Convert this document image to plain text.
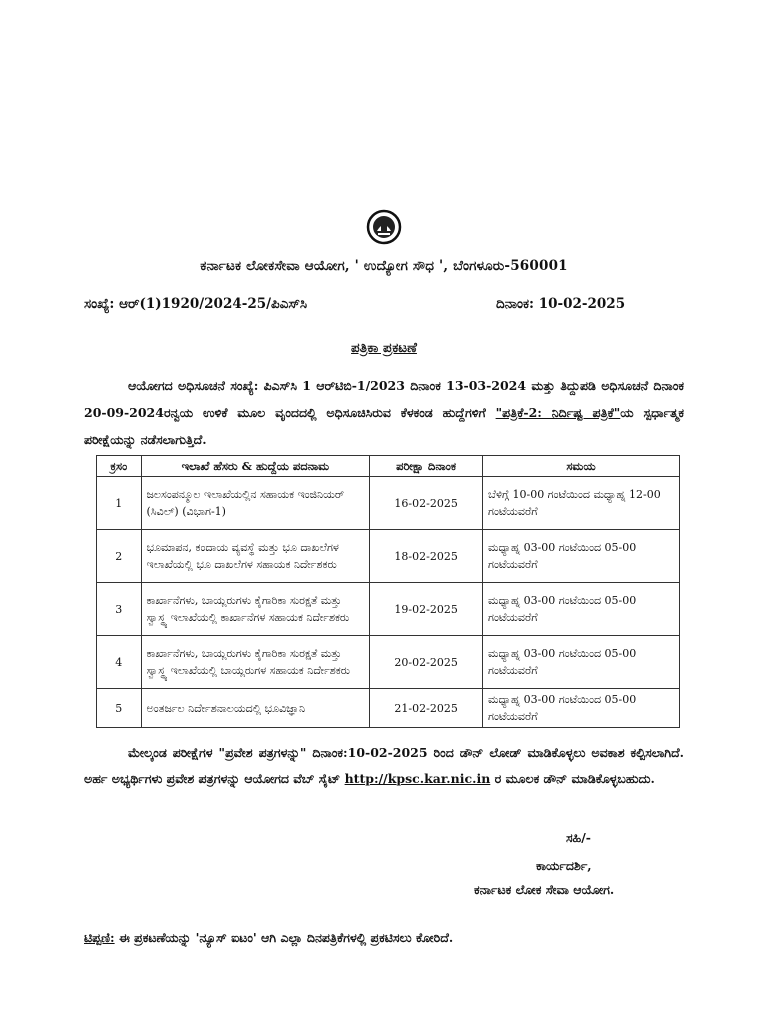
ಕರ್ನಾಟಕ ಲೋಕಸೇವಾ ಆಯೋಗ, ' ಉದ್ಯೋಗ ಸೌಧ ', ಬೆಂಗಳೂರು-560001
ಸಂಖ್ಯೆ: ಆರ್(1)1920/2024-25/ಪಿಎಸ್‌ಸಿ	ದಿನಾಂಕ: 10-02-2025
ಪತ್ರಿಕಾ ಪ್ರಕಟಣೆ
ಆಯೋಗದ ಅಧಿಸೂಚನೆ ಸಂಖ್ಯೆ: ಪಿಎಸ್‌ಸಿ 1 ಆರ್‌ಟಿಬಿ-1/2023 ದಿನಾಂಕ 13-03-2024 ಮತ್ತು ತಿದ್ದುಪಡಿ ಅಧಿಸೂಚನೆ ದಿನಾಂಕ 20-09-2024ರನ್ವಯ ಉಳಿಕೆ ಮೂಲ ವೃಂದದಲ್ಲಿ ಅಧಿಸೂಚಿಸಿರುವ ಕೆಳಕಂಡ ಹುದ್ದೆಗಳಿಗೆ "ಪತ್ರಿಕೆ-2: ನಿರ್ದಿಷ್ಟ ಪತ್ರಿಕೆ"ಯ ಸ್ಪರ್ಧಾತ್ಮಕ ಪರೀಕ್ಷೆಯನ್ನು ನಡೆಸಲಾಗುತ್ತಿದೆ.
ಕ್ರಸಂ	ಇಲಾಖೆ ಹೆಸರು & ಹುದ್ದೆಯ ಪದನಾಮ	ಪರೀಕ್ಷಾ ದಿನಾಂಕ	ಸಮಯ
1	ಜಲಸಂಪನ್ಮೂಲ ಇಲಾಖೆಯಲ್ಲಿನ ಸಹಾಯಕ ಇಂಜಿನಿಯರ್ (ಸಿವಿಲ್) (ವಿಭಾಗ-1)	16-02-2025	ಬೆಳಿಗ್ಗೆ 10-00 ಗಂಟೆಯಿಂದ ಮಧ್ಯಾಹ್ನ 12-00 ಗಂಟೆಯವರೆಗೆ
2	ಭೂಮಾಪನ, ಕಂದಾಯ ವ್ಯವಸ್ಥೆ ಮತ್ತು ಭೂ ದಾಖಲೆಗಳ ಇಲಾಖೆಯಲ್ಲಿ ಭೂ ದಾಖಲೆಗಳ ಸಹಾಯಕ ನಿರ್ದೇಶಕರು	18-02-2025	ಮಧ್ಯಾಹ್ನ 03-00 ಗಂಟೆಯಿಂದ 05-00 ಗಂಟೆಯವರೆಗೆ
3	ಕಾರ್ಖಾನೆಗಳು, ಬಾಯ್ಲರುಗಳು ಕೈಗಾರಿಕಾ ಸುರಕ್ಷತೆ ಮತ್ತು ಸ್ವಾಸ್ಥ್ಯ ಇಲಾಖೆಯಲ್ಲಿ ಕಾರ್ಖಾನೆಗಳ ಸಹಾಯಕ ನಿರ್ದೇಶಕರು	19-02-2025	ಮಧ್ಯಾಹ್ನ 03-00 ಗಂಟೆಯಿಂದ 05-00 ಗಂಟೆಯವರೆಗೆ
4	ಕಾರ್ಖಾನೆಗಳು, ಬಾಯ್ಲರುಗಳು ಕೈಗಾರಿಕಾ ಸುರಕ್ಷತೆ ಮತ್ತು ಸ್ವಾಸ್ಥ್ಯ ಇಲಾಖೆಯಲ್ಲಿ ಬಾಯ್ಲರುಗಳ ಸಹಾಯಕ ನಿರ್ದೇಶಕರು	20-02-2025	ಮಧ್ಯಾಹ್ನ 03-00 ಗಂಟೆಯಿಂದ 05-00 ಗಂಟೆಯವರೆಗೆ
5	ಅಂತರ್ಜಲ ನಿರ್ದೇಶನಾಲಯದಲ್ಲಿ ಭೂವಿಜ್ಞಾನಿ	21-02-2025	ಮಧ್ಯಾಹ್ನ 03-00 ಗಂಟೆಯಿಂದ 05-00 ಗಂಟೆಯವರೆಗೆ
ಮೇಲ್ಕಂಡ ಪರೀಕ್ಷೆಗಳ "ಪ್ರವೇಶ ಪತ್ರಗಳನ್ನು" ದಿನಾಂಕ:10-02-2025 ರಿಂದ ಡೌನ್ ಲೋಡ್ ಮಾಡಿಕೊಳ್ಳಲು ಅವಕಾಶ ಕಲ್ಪಿಸಲಾಗಿದೆ. ಅರ್ಹ ಅಭ್ಯರ್ಥಿಗಳು ಪ್ರವೇಶ ಪತ್ರಗಳನ್ನು ಆಯೋಗದ ವೆಬ್ ಸೈಟ್ http://kpsc.kar.nic.in ರ ಮೂಲಕ ಡೌನ್ ಮಾಡಿಕೊಳ್ಳಬಹುದು.
ಸಹಿ/-
ಕಾರ್ಯದರ್ಶಿ,
ಕರ್ನಾಟಕ ಲೋಕ ಸೇವಾ ಆಯೋಗ.
ಟಿಪ್ಪಣಿ: ಈ ಪ್ರಕಟಣೆಯನ್ನು 'ನ್ಯೂಸ್ ಐಟಂ' ಆಗಿ ಎಲ್ಲಾ ದಿನಪತ್ರಿಕೆಗಳಲ್ಲಿ ಪ್ರಕಟಿಸಲು ಕೋರಿದೆ.
